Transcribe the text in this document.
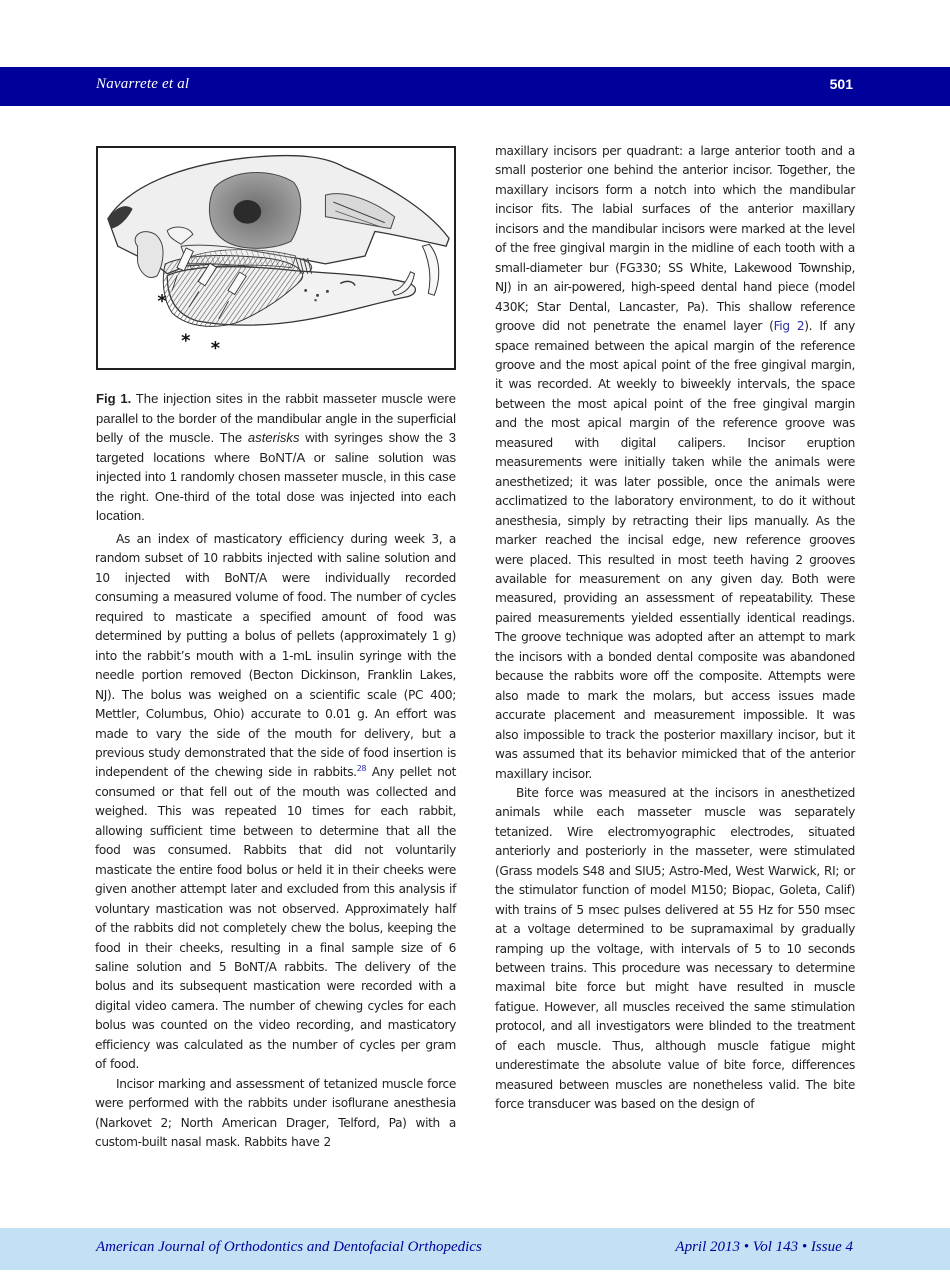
Navarrete et al	501
*
* *
Fig 1. The injection sites in the rabbit masseter muscle were parallel to the border of the mandibular angle in the superficial belly of the muscle. The asterisks with syringes show the 3 targeted locations where BoNT/A or saline solution was injected into 1 randomly chosen masseter muscle, in this case the right. One-third of the total dose was injected into each location.

As an index of masticatory efficiency during week 3, a random subset of 10 rabbits injected with saline solution and 10 injected with BoNT/A were individually recorded consuming a measured volume of food. The number of cycles required to masticate a specified amount of food was determined by putting a bolus of pellets (approximately 1 g) into the rabbit’s mouth with a 1-mL insulin syringe with the needle portion removed (Becton Dickinson, Franklin Lakes, NJ). The bolus was weighed on a scientific scale (PC 400; Mettler, Columbus, Ohio) accurate to 0.01 g. An effort was made to vary the side of the mouth for delivery, but a previous study demonstrated that the side of food insertion is independent of the chewing side in rabbits.$^{28}$ Any pellet not consumed or that fell out of the mouth was collected and weighed. This was repeated 10 times for each rabbit, allowing sufficient time between to determine that all the food was consumed. Rabbits that did not voluntarily masticate the entire food bolus or held it in their cheeks were given another attempt later and excluded from this analysis if voluntary mastication was not observed. Approximately half of the rabbits did not completely chew the bolus, keeping the food in their cheeks, resulting in a final sample size of 6 saline solution and 5 BoNT/A rabbits. The delivery of the bolus and its subsequent mastication were recorded with a digital video camera. The number of chewing cycles for each bolus was counted on the video recording, and masticatory efficiency was calculated as the number of cycles per gram of food.

Incisor marking and assessment of tetanized muscle force were performed with the rabbits under isoflurane anesthesia (Narkovet 2; North American Drager, Telford, Pa) with a custom-built nasal mask. Rabbits have 2

maxillary incisors per quadrant: a large anterior tooth and a small posterior one behind the anterior incisor. Together, the maxillary incisors form a notch into which the mandibular incisor fits. The labial surfaces of the anterior maxillary incisors and the mandibular incisors were marked at the level of the free gingival margin in the midline of each tooth with a small-diameter bur (FG330; SS White, Lakewood Township, NJ) in an air-powered, high-speed dental hand piece (model 430K; Star Dental, Lancaster, Pa). This shallow reference groove did not penetrate the enamel layer (Fig 2). If any space remained between the apical margin of the reference groove and the most apical point of the free gingival margin, it was recorded. At weekly to biweekly intervals, the space between the most apical point of the free gingival margin and the most apical margin of the reference groove was measured with digital calipers. Incisor eruption measurements were initially taken while the animals were anesthetized; it was later possible, once the animals were acclimatized to the laboratory environment, to do it without anesthesia, simply by retracting their lips manually. As the marker reached the incisal edge, new reference grooves were placed. This resulted in most teeth having 2 grooves available for measurement on any given day. Both were measured, providing an assessment of repeatability. These paired measurements yielded essentially identical readings. The groove technique was adopted after an attempt to mark the incisors with a bonded dental composite was abandoned because the rabbits wore off the composite. Attempts were also made to mark the molars, but access issues made accurate placement and measurement impossible. It was also impossible to track the posterior maxillary incisor, but it was assumed that its behavior mimicked that of the anterior maxillary incisor.

Bite force was measured at the incisors in anesthetized animals while each masseter muscle was separately tetanized. Wire electromyographic electrodes, situated anteriorly and posteriorly in the masseter, were stimulated (Grass models S48 and SIU5; Astro-Med, West Warwick, RI; or the stimulator function of model M150; Biopac, Goleta, Calif) with trains of 5 msec pulses delivered at 55 Hz for 550 msec at a voltage determined to be supramaximal by gradually ramping up the voltage, with intervals of 5 to 10 seconds between trains. This procedure was necessary to determine maximal bite force but might have resulted in muscle fatigue. However, all muscles received the same stimulation protocol, and all investigators were blinded to the treatment of each muscle. Thus, although muscle fatigue might underestimate the absolute value of bite force, differences measured between muscles are nonetheless valid. The bite force transducer was based on the design of

American Journal of Orthodontics and Dentofacial Orthopedics	April 2013 • Vol 143 • Issue 4
